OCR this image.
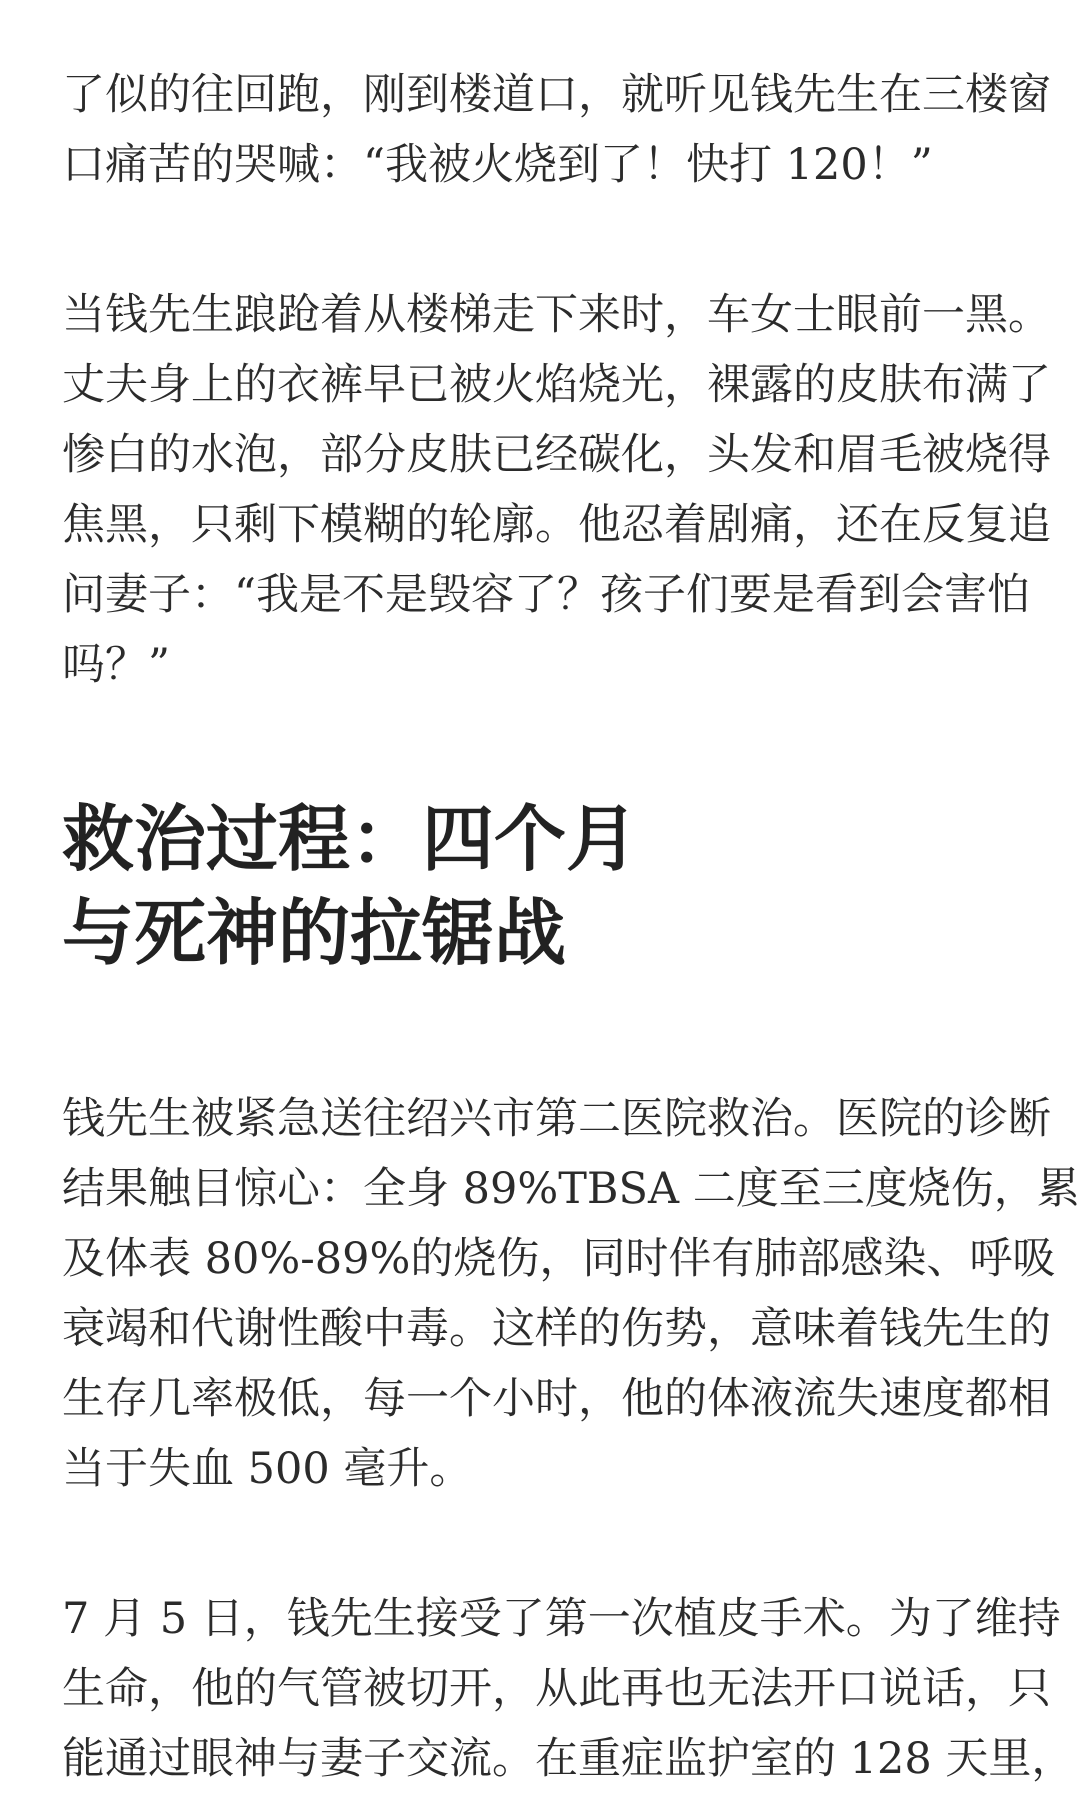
了似的往回跑，刚到楼道口，就听见钱先生在三楼窗
口痛苦的哭喊：“我被火烧到了！快打 120！”

当钱先生踉跄着从楼梯走下来时，车女士眼前一黑。
丈夫身上的衣裤早已被火焰烧光，裸露的皮肤布满了
惨白的水泡，部分皮肤已经碳化，头发和眉毛被烧得
焦黑，只剩下模糊的轮廓。他忍着剧痛，还在反复追
问妻子：“我是不是毁容了？孩子们要是看到会害怕
吗？”

救治过程：四个月
与死神的拉锯战

钱先生被紧急送往绍兴市第二医院救治。医院的诊断
结果触目惊心：全身 89%TBSA 二度至三度烧伤，累
及体表 80%-89%的烧伤，同时伴有肺部感染、呼吸
衰竭和代谢性酸中毒。这样的伤势，意味着钱先生的
生存几率极低，每一个小时，他的体液流失速度都相
当于失血 500 毫升。

7 月 5 日，钱先生接受了第一次植皮手术。为了维持
生命，他的气管被切开，从此再也无法开口说话，只
能通过眼神与妻子交流。在重症监护室的 128 天里，
